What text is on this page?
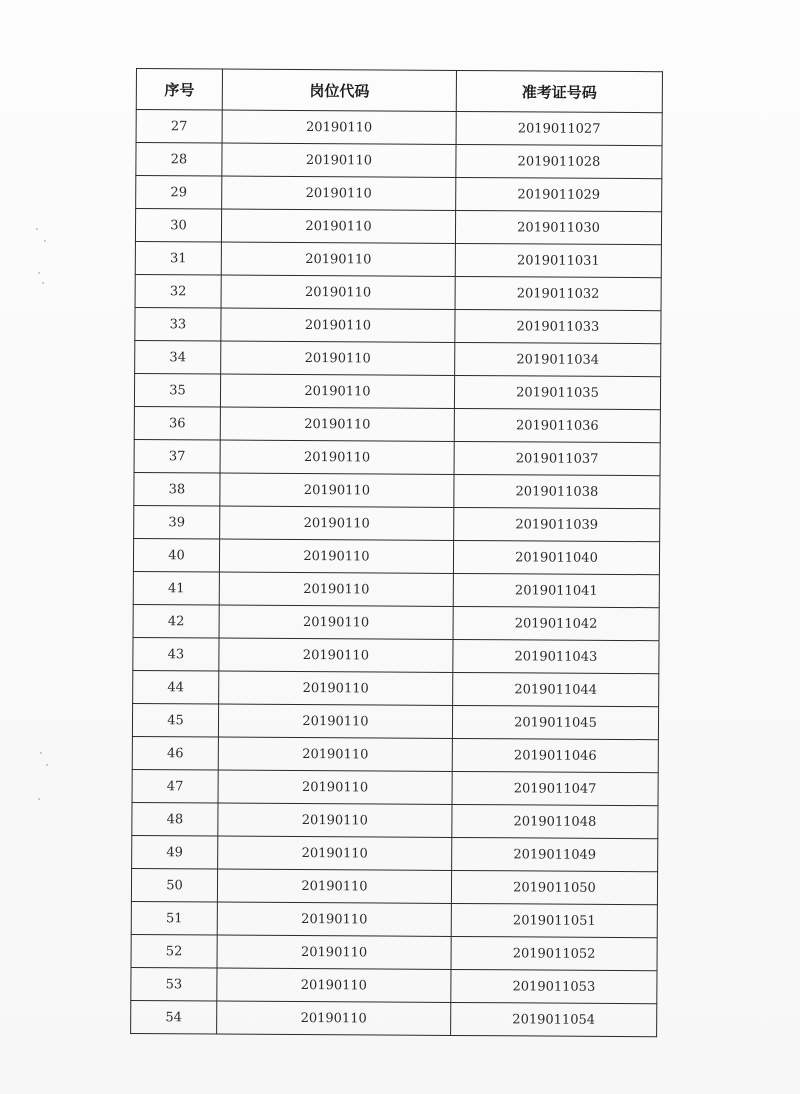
序号	岗位代码	准考证号码
27	20190110	2019011027
28	20190110	2019011028
29	20190110	2019011029
30	20190110	2019011030
31	20190110	2019011031
32	20190110	2019011032
33	20190110	2019011033
34	20190110	2019011034
35	20190110	2019011035
36	20190110	2019011036
37	20190110	2019011037
38	20190110	2019011038
39	20190110	2019011039
40	20190110	2019011040
41	20190110	2019011041
42	20190110	2019011042
43	20190110	2019011043
44	20190110	2019011044
45	20190110	2019011045
46	20190110	2019011046
47	20190110	2019011047
48	20190110	2019011048
49	20190110	2019011049
50	20190110	2019011050
51	20190110	2019011051
52	20190110	2019011052
53	20190110	2019011053
54	20190110	2019011054
